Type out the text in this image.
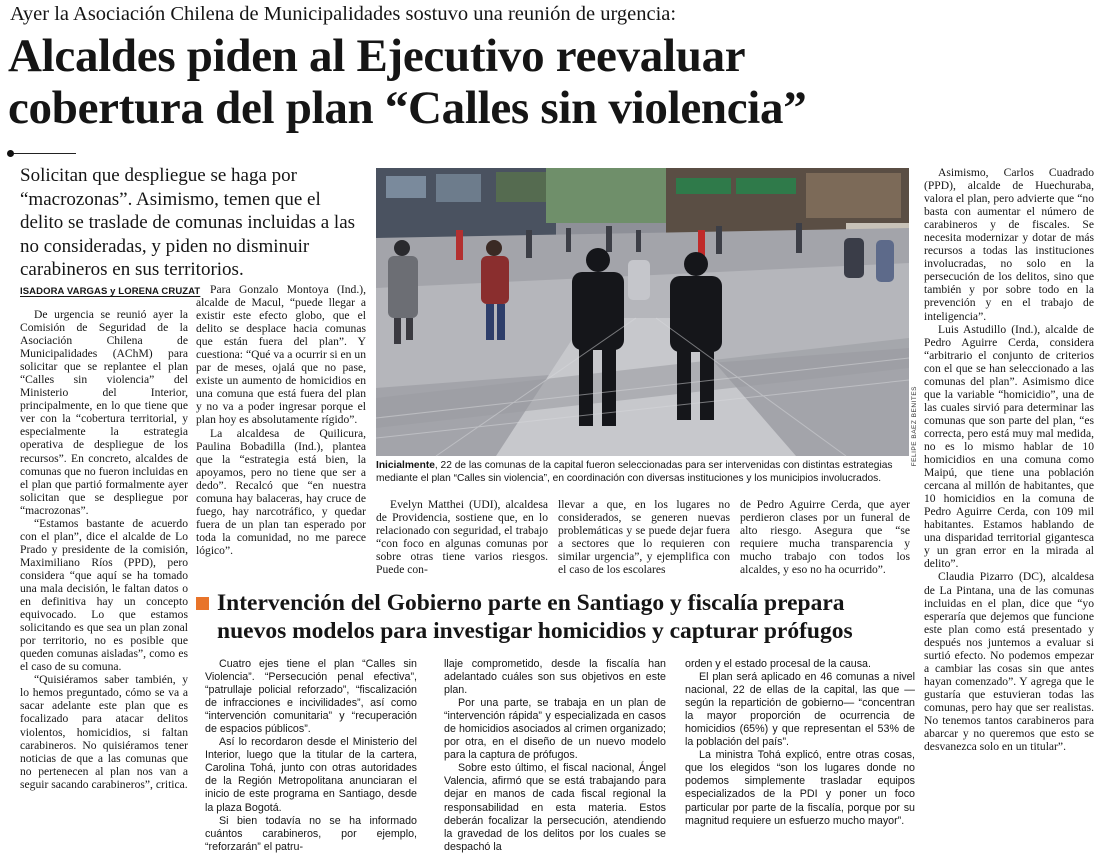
Ayer la Asociación Chilena de Municipalidades sostuvo una reunión de urgencia:
Alcaldes piden al Ejecutivo reevaluar
cobertura del plan “Calles sin violencia”

Solicitan que despliegue se haga por “macrozonas”. Asimismo, temen que el delito se traslade de comunas incluidas a las no consideradas, y piden no disminuir carabineros en sus territorios.

ISADORA VARGAS y LORENA CRUZAT

De urgencia se reunió ayer la Comisión de Seguridad de la Asociación Chilena de Municipalidades (AChM) para solicitar que se replantee el plan “Calles sin violencia” del Ministerio del Interior, principalmente, en lo que tiene que ver con la “cobertura territorial, y especialmente la estrategia operativa de despliegue de los recursos”. En concreto, alcaldes de comunas que no fueron incluidas en el plan que partió formalmente ayer solicitan que se despliegue por “macrozonas”.

“Estamos bastante de acuerdo con el plan”, dice el alcalde de Lo Prado y presidente de la comisión, Maximiliano Ríos (PPD), pero considera “que aquí se ha tomado una mala decisión, le faltan datos o en definitiva hay un concepto equivocado. Lo que estamos solicitando es que sea un plan zonal por territorio, no es posible que queden comunas aisladas”, como es el caso de su comuna.

“Quisiéramos saber también, y lo hemos preguntado, cómo se va a sacar adelante este plan que es focalizado para atacar delitos violentos, homicidios, si faltan carabineros. No quisiéramos tener noticias de que a las comunas que no pertenecen al plan nos van a seguir sacando carabineros”, critica.

Para Gonzalo Montoya (Ind.), alcalde de Macul, “puede llegar a existir este efecto globo, que el delito se desplace hacia comunas que están fuera del plan”. Y cuestiona: “Qué va a ocurrir si en un par de meses, ojalá que no pase, existe un aumento de homicidios en una comuna que está fuera del plan y no va a poder ingresar porque el plan hoy es absolutamente rígido”.

La alcaldesa de Quilicura, Paulina Bobadilla (Ind.), plantea que la “estrategia está bien, la apoyamos, pero no tiene que ser a dedo”. Recalcó que “en nuestra comuna hay balaceras, hay cruce de fuego, hay narcotráfico, y quedar fuera de un plan tan esperado por toda la comunidad, no me parece lógico”.

FELIPE BAEZ BENITES

Inicialmente, 22 de las comunas de la capital fueron seleccionadas para ser intervenidas con distintas estrategias mediante el plan “Calles sin violencia”, en coordinación con diversas instituciones y los municipios involucrados.

Evelyn Matthei (UDI), alcaldesa de Providencia, sostiene que, en lo relacionado con seguridad, el trabajo “con foco en algunas comunas por sobre otras tiene varios riesgos. Puede con-

llevar a que, en los lugares no considerados, se generen nuevas problemáticas y se puede dejar fuera a sectores que lo requieren con similar urgencia”, y ejemplifica con el caso de los escolares

de Pedro Aguirre Cerda, que ayer perdieron clases por un funeral de alto riesgo. Asegura que “se requiere mucha transparencia y mucho trabajo con todos los alcaldes, y eso no ha ocurrido”.

Asimismo, Carlos Cuadrado (PPD), alcalde de Huechuraba, valora el plan, pero advierte que “no basta con aumentar el número de carabineros y de fiscales. Se necesita modernizar y dotar de más recursos a todas las instituciones involucradas, no solo en la persecución de los delitos, sino que también y por sobre todo en la prevención y en el trabajo de inteligencia”.

Luis Astudillo (Ind.), alcalde de Pedro Aguirre Cerda, considera “arbitrario el conjunto de criterios con el que se han seleccionado a las comunas del plan”. Asimismo dice que la variable “homicidio”, una de las cuales sirvió para determinar las comunas que son parte del plan, “es correcta, pero está muy mal medida, no es lo mismo hablar de 10 homicidios en una comuna como Maipú, que tiene una población cercana al millón de habitantes, que 10 homicidios en la comuna de Pedro Aguirre Cerda, con 109 mil habitantes. Estamos hablando de una disparidad territorial gigantesca y un gran error en la mirada al delito”.

Claudia Pizarro (DC), alcaldesa de La Pintana, una de las comunas incluidas en el plan, dice que “yo esperaría que dejemos que funcione este plan como está presentado y después nos juntemos a evaluar si surtió efecto. No podemos empezar a cambiar las cosas sin que antes hayan comenzado”. Y agrega que le gustaría que estuvieran todas las comunas, pero hay que ser realistas. No tenemos tantos carabineros para abarcar y no queremos que esto se desvanezca solo en un titular”.

Intervención del Gobierno parte en Santiago y fiscalía prepara
nuevos modelos para investigar homicidios y capturar prófugos

Cuatro ejes tiene el plan “Calles sin Violencia”. “Persecución penal efectiva”, “patrullaje policial reforzado”, “fiscalización de infracciones e incivilidades”, así como “intervención comunitaria” y “recuperación de espacios públicos”.

Así lo recordaron desde el Ministerio del Interior, luego que la titular de la cartera, Carolina Tohá, junto con otras autoridades de la Región Metropolitana anunciaran el inicio de este programa en Santiago, desde la plaza Bogotá.

Si bien todavía no se ha informado cuántos carabineros, por ejemplo, “reforzarán” el patru-

llaje comprometido, desde la fiscalía han adelantado cuáles son sus objetivos en este plan.

Por una parte, se trabaja en un plan de “intervención rápida” y especializada en casos de homicidios asociados al crimen organizado; por otra, en el diseño de un nuevo modelo para la captura de prófugos.

Sobre esto último, el fiscal nacional, Ángel Valencia, afirmó que se está trabajando para dejar en manos de cada fiscal regional la responsabilidad en esta materia. Estos deberán focalizar la persecución, atendiendo la gravedad de los delitos por los cuales se despachó la

orden y el estado procesal de la causa.

El plan será aplicado en 46 comunas a nivel nacional, 22 de ellas de la capital, las que —según la repartición de gobierno— “concentran la mayor proporción de ocurrencia de homicidios (65%) y que representan el 53% de la población del país”.

La ministra Tohá explicó, entre otras cosas, que los elegidos “son los lugares donde no podemos simplemente trasladar equipos especializados de la PDI y poner un foco particular por parte de la fiscalía, porque por su magnitud requiere un esfuerzo mucho mayor”.
